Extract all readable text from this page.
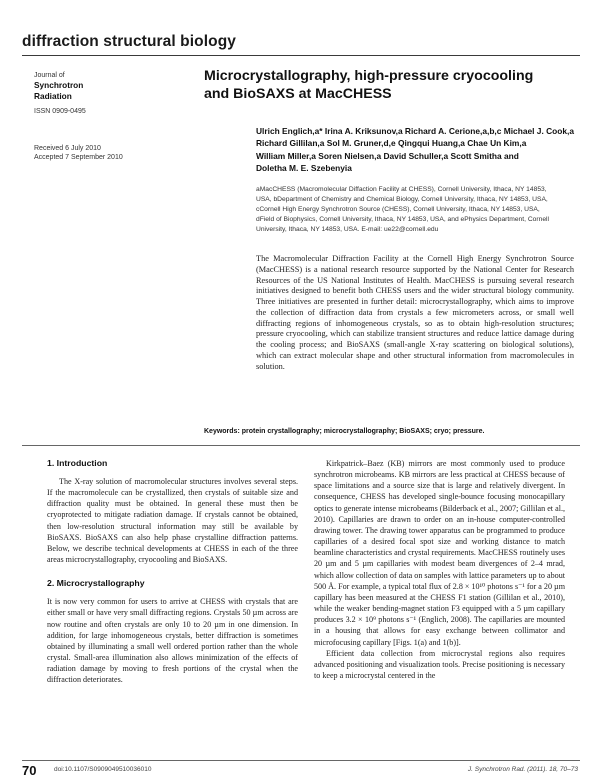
diffraction structural biology
Journal of
Synchrotron
Radiation
ISSN 0909-0495
Received 6 July 2010
Accepted 7 September 2010
Microcrystallography, high-pressure cryocooling
and BioSAXS at MacCHESS
Ulrich Englich,a* Irina A. Kriksunov,a Richard A. Cerione,a,b,c Michael J. Cook,a
Richard Gillilan,a Sol M. Gruner,d,e Qingqui Huang,a Chae Un Kim,a
William Miller,a Soren Nielsen,a David Schuller,a Scott Smitha and
Doletha M. E. Szebenyia
aMacCHESS (Macromolecular Diffaction Facility at CHESS), Cornell University, Ithaca, NY 14853,
USA, bDepartment of Chemistry and Chemical Biology, Cornell University, Ithaca, NY 14853, USA,
cCornell High Energy Synchrotron Source (CHESS), Cornell University, Ithaca, NY 14853, USA,
dField of Biophysics, Cornell University, Ithaca, NY 14853, USA, and ePhysics Department, Cornell
University, Ithaca, NY 14853, USA. E-mail: ue22@cornell.edu
The Macromolecular Diffraction Facility at the Cornell High Energy Synchrotron Source (MacCHESS) is a national research resource supported by the National Center for Research Resources of the US National Institutes of Health. MacCHESS is pursuing several research initiatives designed to benefit both CHESS users and the wider structural biology community. Three initiatives are presented in further detail: microcrystallography, which aims to improve the collection of diffraction data from crystals a few micrometers across, or small well diffracting regions of inhomogeneous crystals, so as to obtain high-resolution structures; pressure cryocooling, which can stabilize transient structures and reduce lattice damage during the cooling process; and BioSAXS (small-angle X-ray scattering on biological solutions), which can extract molecular shape and other structural information from macromolecules in solution.
Keywords: protein crystallography; microcrystallography; BioSAXS; cryo; pressure.
1. Introduction

The X-ray solution of macromolecular structures involves several steps. If the macromolecule can be crystallized, then crystals of suitable size and diffraction quality must be obtained. In general these must then be cryoprotected to mitigate radiation damage. If crystals cannot be obtained, then low-resolution structural information may still be available by BioSAXS. BioSAXS can also help phase crystalline diffraction patterns. Below, we describe technical developments at CHESS in each of the three areas microcrystallography, cryocooling and BioSAXS.

2. Microcrystallography

It is now very common for users to arrive at CHESS with crystals that are either small or have very small diffracting regions. Crystals 50 µm across are now routine and often crystals are only 10 to 20 µm in one dimension. In addition, for large inhomogeneous crystals, better diffraction is sometimes obtained by illuminating a small well ordered portion rather than the whole crystal. Small-area illumination also allows minimization of the effects of radiation damage by moving to fresh portions of the crystal when the diffraction deteriorates.

Kirkpatrick–Baez (KB) mirrors are most commonly used to produce synchrotron microbeams. KB mirrors are less practical at CHESS because of space limitations and a source size that is large and relatively divergent. In consequence, CHESS has developed single-bounce focusing monocapillary optics to generate intense microbeams (Bilderback et al., 2007; Gillilan et al., 2010). Capillaries are drawn to order on an in-house computer-controlled drawing tower. The drawing tower apparatus can be programmed to produce capillaries of a desired focal spot size and working distance to match beamline characteristics and crystal requirements. MacCHESS routinely uses 20 µm and 5 µm capillaries with modest beam divergences of 2–4 mrad, which allow collection of data on samples with lattice parameters up to about 500 Å. For example, a typical total flux of 2.8 × 10¹⁰ photons s⁻¹ for a 20 µm capillary has been measured at the CHESS F1 station (Gillilan et al., 2010), while the weaker bending-magnet station F3 equipped with a 5 µm capillary produces 3.2 × 10⁹ photons s⁻¹ (Englich, 2008). The capillaries are mounted in a housing that allows for easy exchange between collimator and microfocusing capillary [Figs. 1(a) and 1(b)].

Efficient data collection from microcrystal regions also requires advanced positioning and visualization tools. Precise positioning is necessary to keep a microcrystal centered in the

70	doi:10.1107/S0909049510036010	J. Synchrotron Rad. (2011). 18, 70–73
